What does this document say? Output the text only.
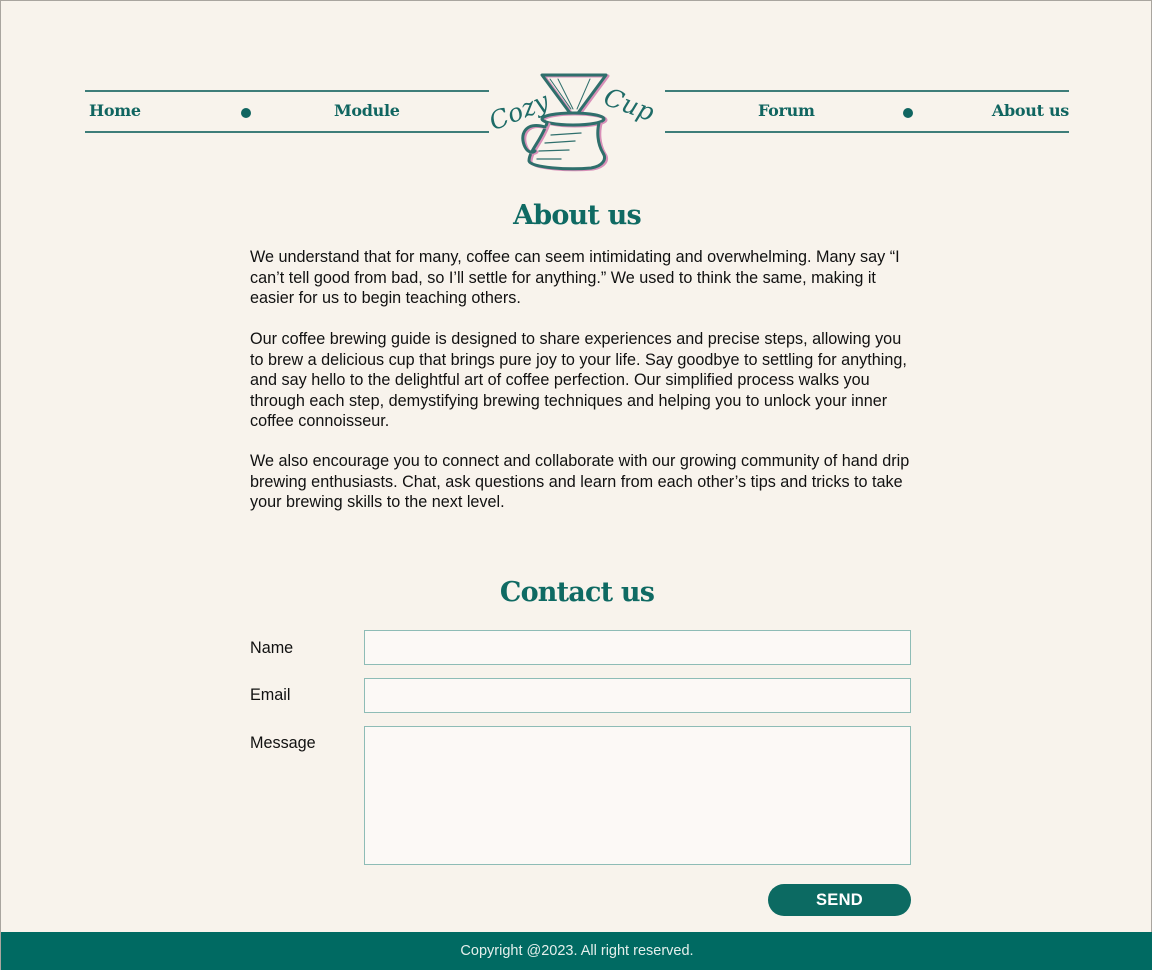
Home	Module	Cozy Cup	Forum	About us
About us

We understand that for many, coffee can seem intimidating and overwhelming. Many say “I can’t tell good from bad, so I’ll settle for anything.” We used to think the same, making it easier for us to begin teaching others.

Our coffee brewing guide is designed to share experiences and precise steps, allowing you to brew a delicious cup that brings pure joy to your life. Say goodbye to settling for anything, and say hello to the delightful art of coffee perfection. Our simplified process walks you through each step, demystifying brewing techniques and helping you to unlock your inner coffee connoisseur.

We also encourage you to connect and collaborate with our growing community of hand drip brewing enthusiasts. Chat, ask questions and learn from each other’s tips and tricks to take your brewing skills to the next level.

Contact us
Name
Email
Message
SEND
Copyright @2023. All right reserved.
